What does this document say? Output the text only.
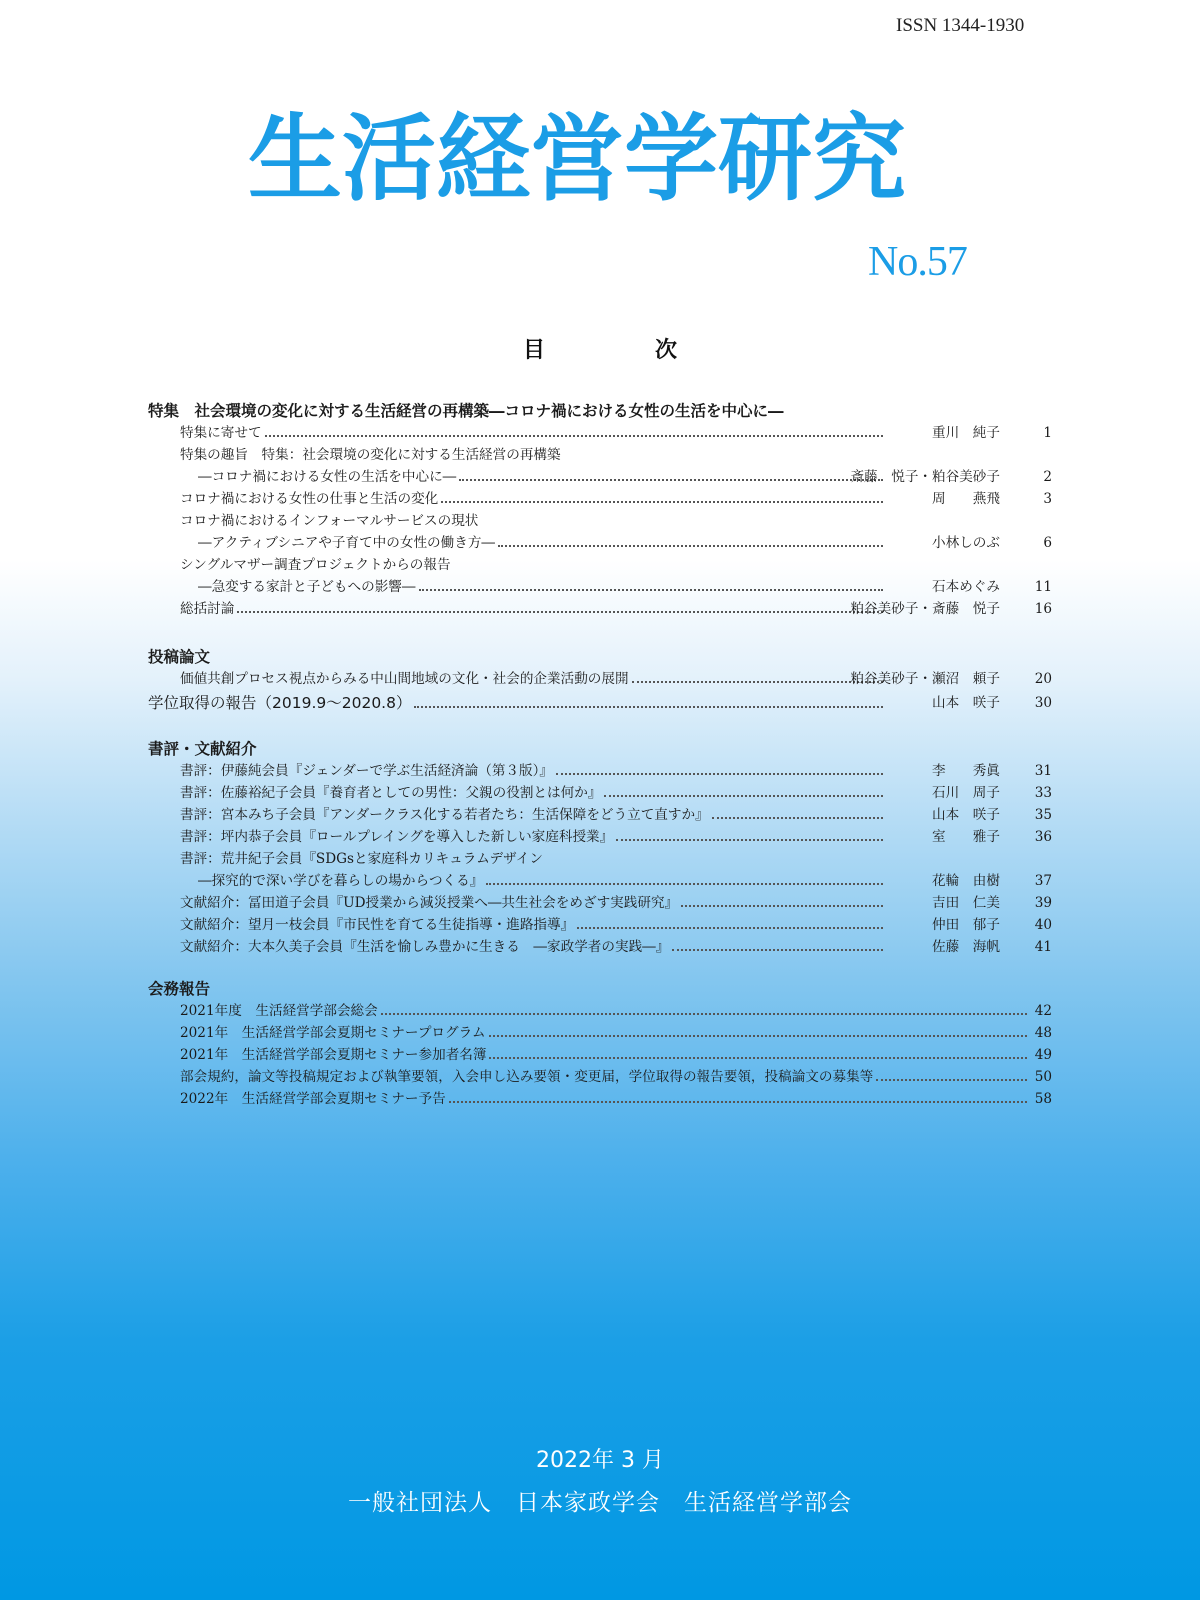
ISSN 1344-1930
生活経営学研究
No.57
目	次
特集　社会環境の変化に対する生活経営の再構築―コロナ禍における女性の生活を中心に―
特集に寄せて	重川　純子	1
特集の趣旨　特集：社会環境の変化に対する生活経営の再構築
―コロナ禍における女性の生活を中心に―	斎藤　悦子・粕谷美砂子	2
コロナ禍における女性の仕事と生活の変化	周　　燕飛	3
コロナ禍におけるインフォーマルサービスの現状
―アクティブシニアや子育て中の女性の働き方―	小林しのぶ	6
シングルマザー調査プロジェクトからの報告
―急変する家計と子どもへの影響―	石本めぐみ	11
総括討論	粕谷美砂子・斎藤　悦子	16
投稿論文
価値共創プロセス視点からみる中山間地域の文化・社会的企業活動の展開	粕谷美砂子・瀬沼　頼子	20
学位取得の報告（2019.9～2020.8）	山本　咲子	30
書評・文献紹介
書評：伊藤純会員『ジェンダーで学ぶ生活経済論（第３版）』	李　　秀眞	31
書評：佐藤裕紀子会員『養育者としての男性：父親の役割とは何か』	石川　周子	33
書評：宮本みち子会員『アンダークラス化する若者たち：生活保障をどう立て直すか』	山本　咲子	35
書評：坪内恭子会員『ロールプレイングを導入した新しい家庭科授業』	室　　雅子	36
書評：荒井紀子会員『SDGsと家庭科カリキュラムデザイン
―探究的で深い学びを暮らしの場からつくる』	花輪　由樹	37
文献紹介：冨田道子会員『UD授業から減災授業へ―共生社会をめざす実践研究』	吉田　仁美	39
文献紹介：望月一枝会員『市民性を育てる生徒指導・進路指導』	仲田　郁子	40
文献紹介：大本久美子会員『生活を愉しみ豊かに生きる　―家政学者の実践―』	佐藤　海帆	41
会務報告
2021年度　生活経営学部会総会	42
2021年　生活経営学部会夏期セミナープログラム	48
2021年　生活経営学部会夏期セミナー参加者名簿	49
部会規約，論文等投稿規定および執筆要領，入会申し込み要領・変更届，学位取得の報告要領，投稿論文の募集等	50
2022年　生活経営学部会夏期セミナー予告	58
2022年 3 月
一般社団法人　日本家政学会　生活経営学部会
